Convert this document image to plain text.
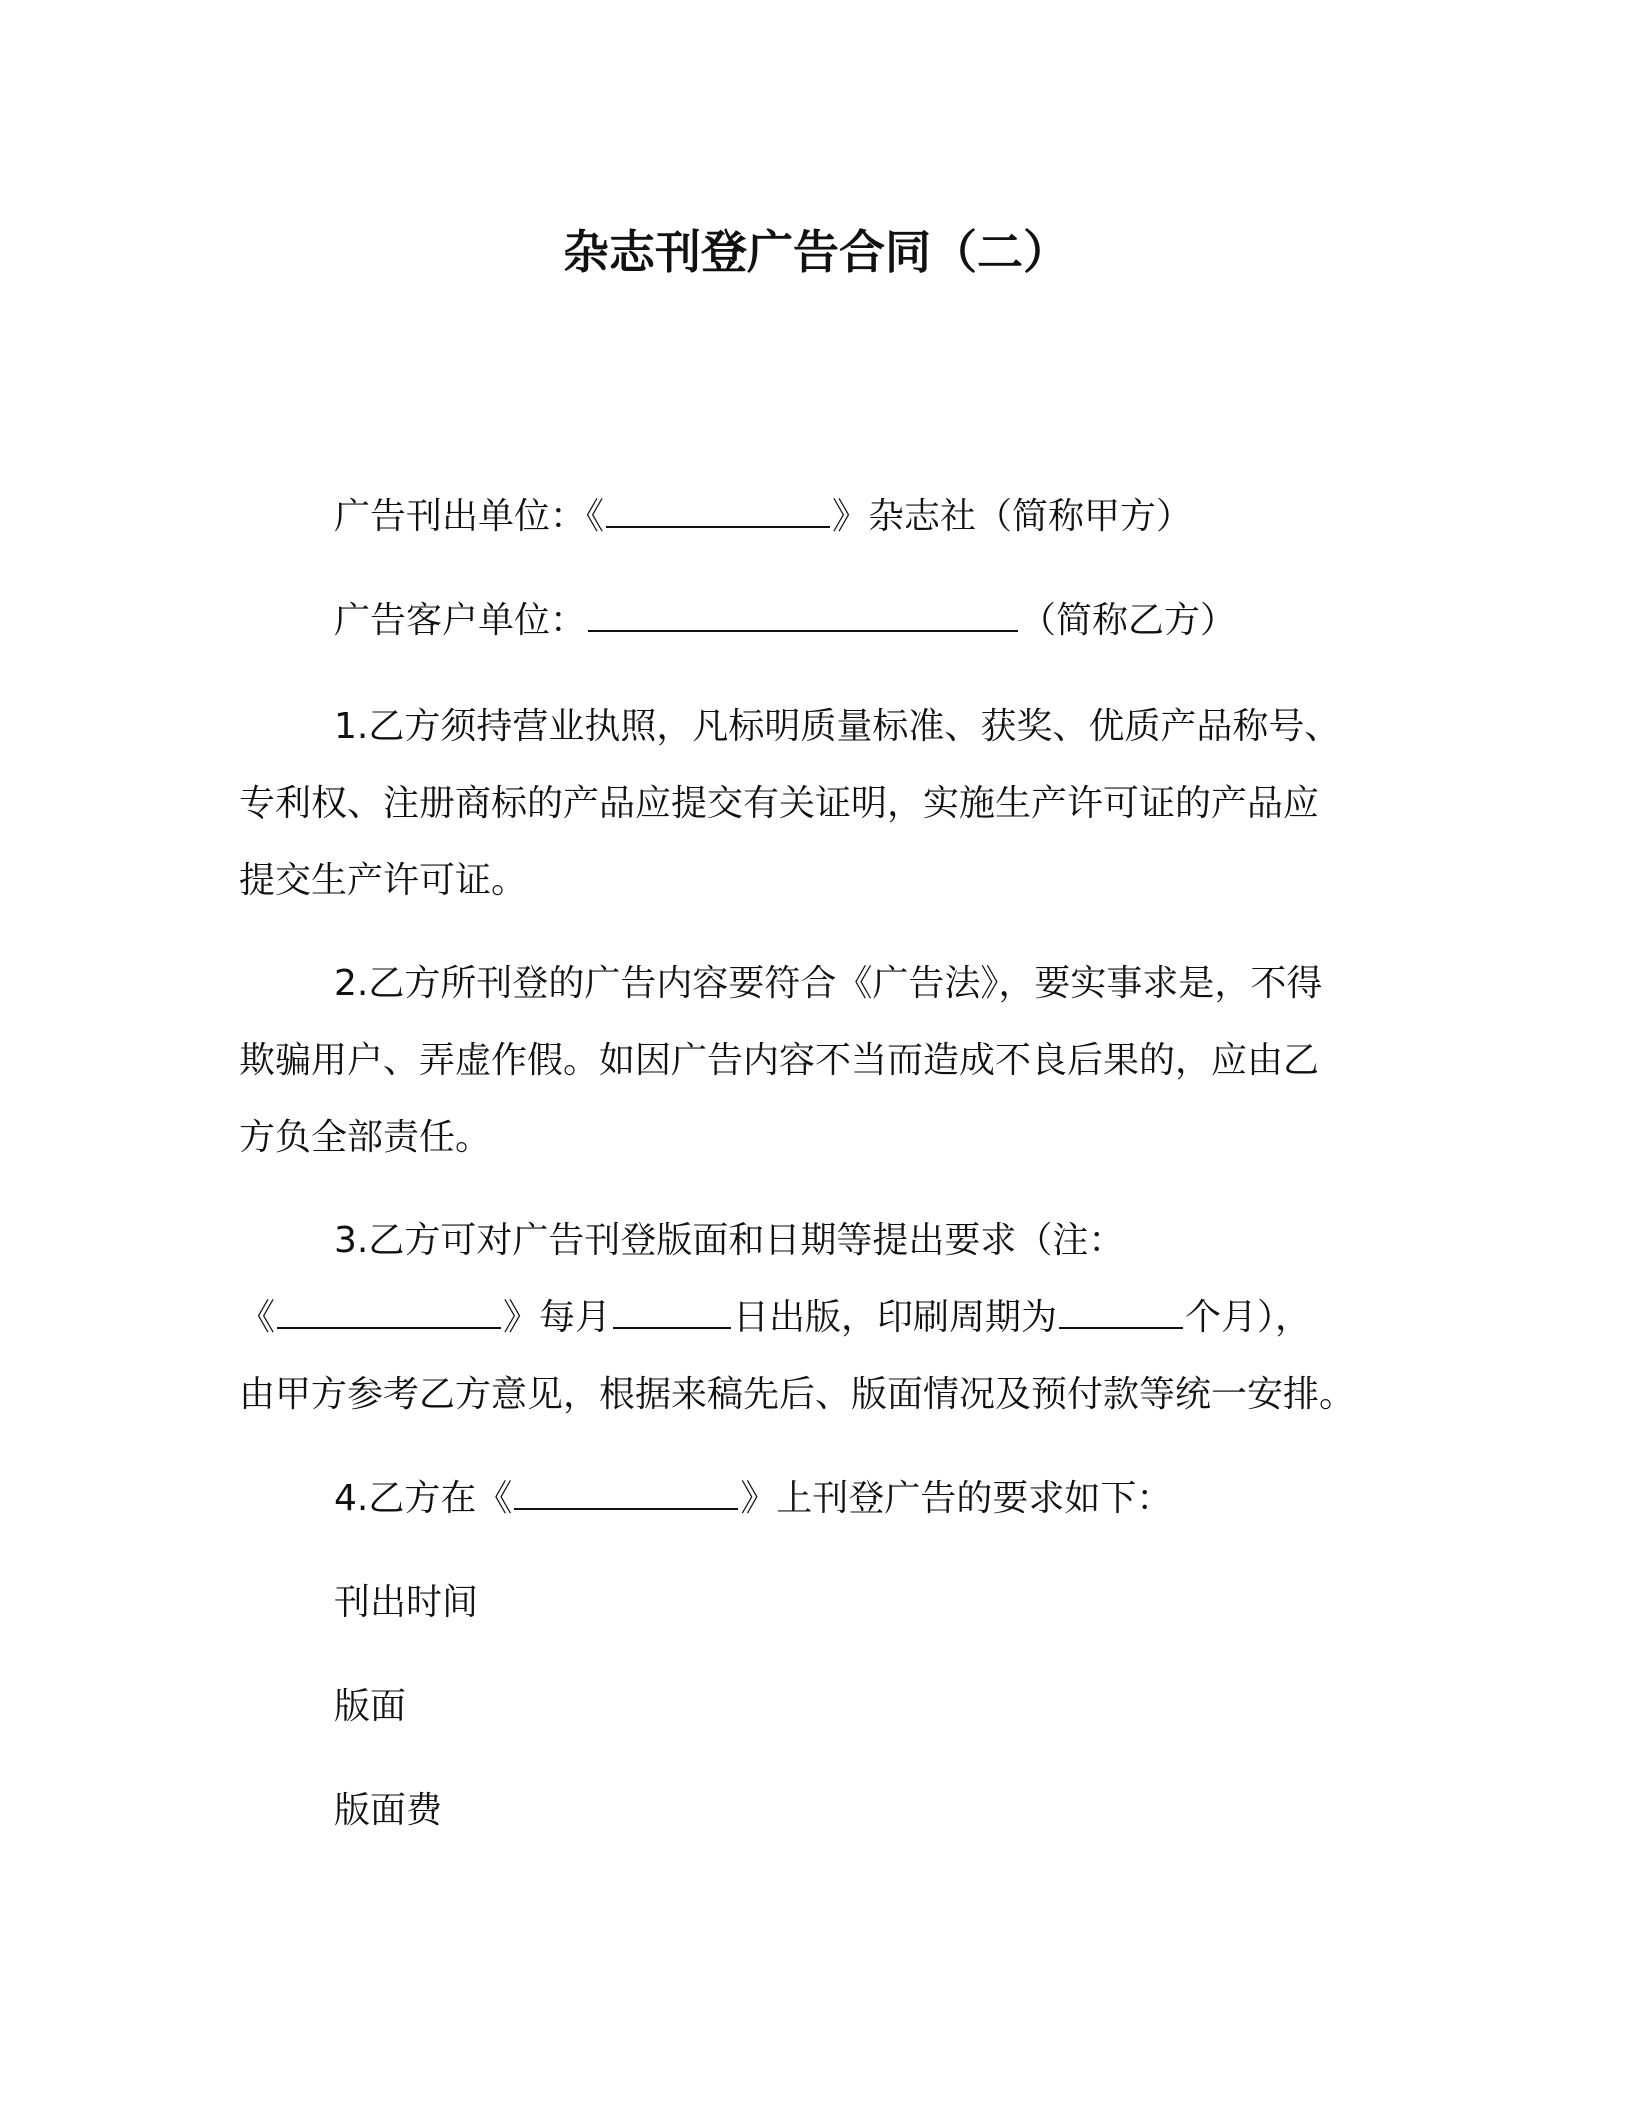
杂志刊登广告合同（二）
广告刊出单位：《	》杂志社（简称甲方）
广告客户单位：	（简称乙方）
1.乙方须持营业执照，凡标明质量标准、获奖、优质产品称号、
专利权、注册商标的产品应提交有关证明，实施生产许可证的产品应
提交生产许可证。
2.乙方所刊登的广告内容要符合《广告法》，要实事求是，不得
欺骗用户、弄虚作假。如因广告内容不当而造成不良后果的，应由乙
方负全部责任。
3.乙方可对广告刊登版面和日期等提出要求（注：
《	》每月	日出版，印刷周期为	个月），
由甲方参考乙方意见，根据来稿先后、版面情况及预付款等统一安排。
4.乙方在《	》上刊登广告的要求如下：
刊出时间
版面
版面费
